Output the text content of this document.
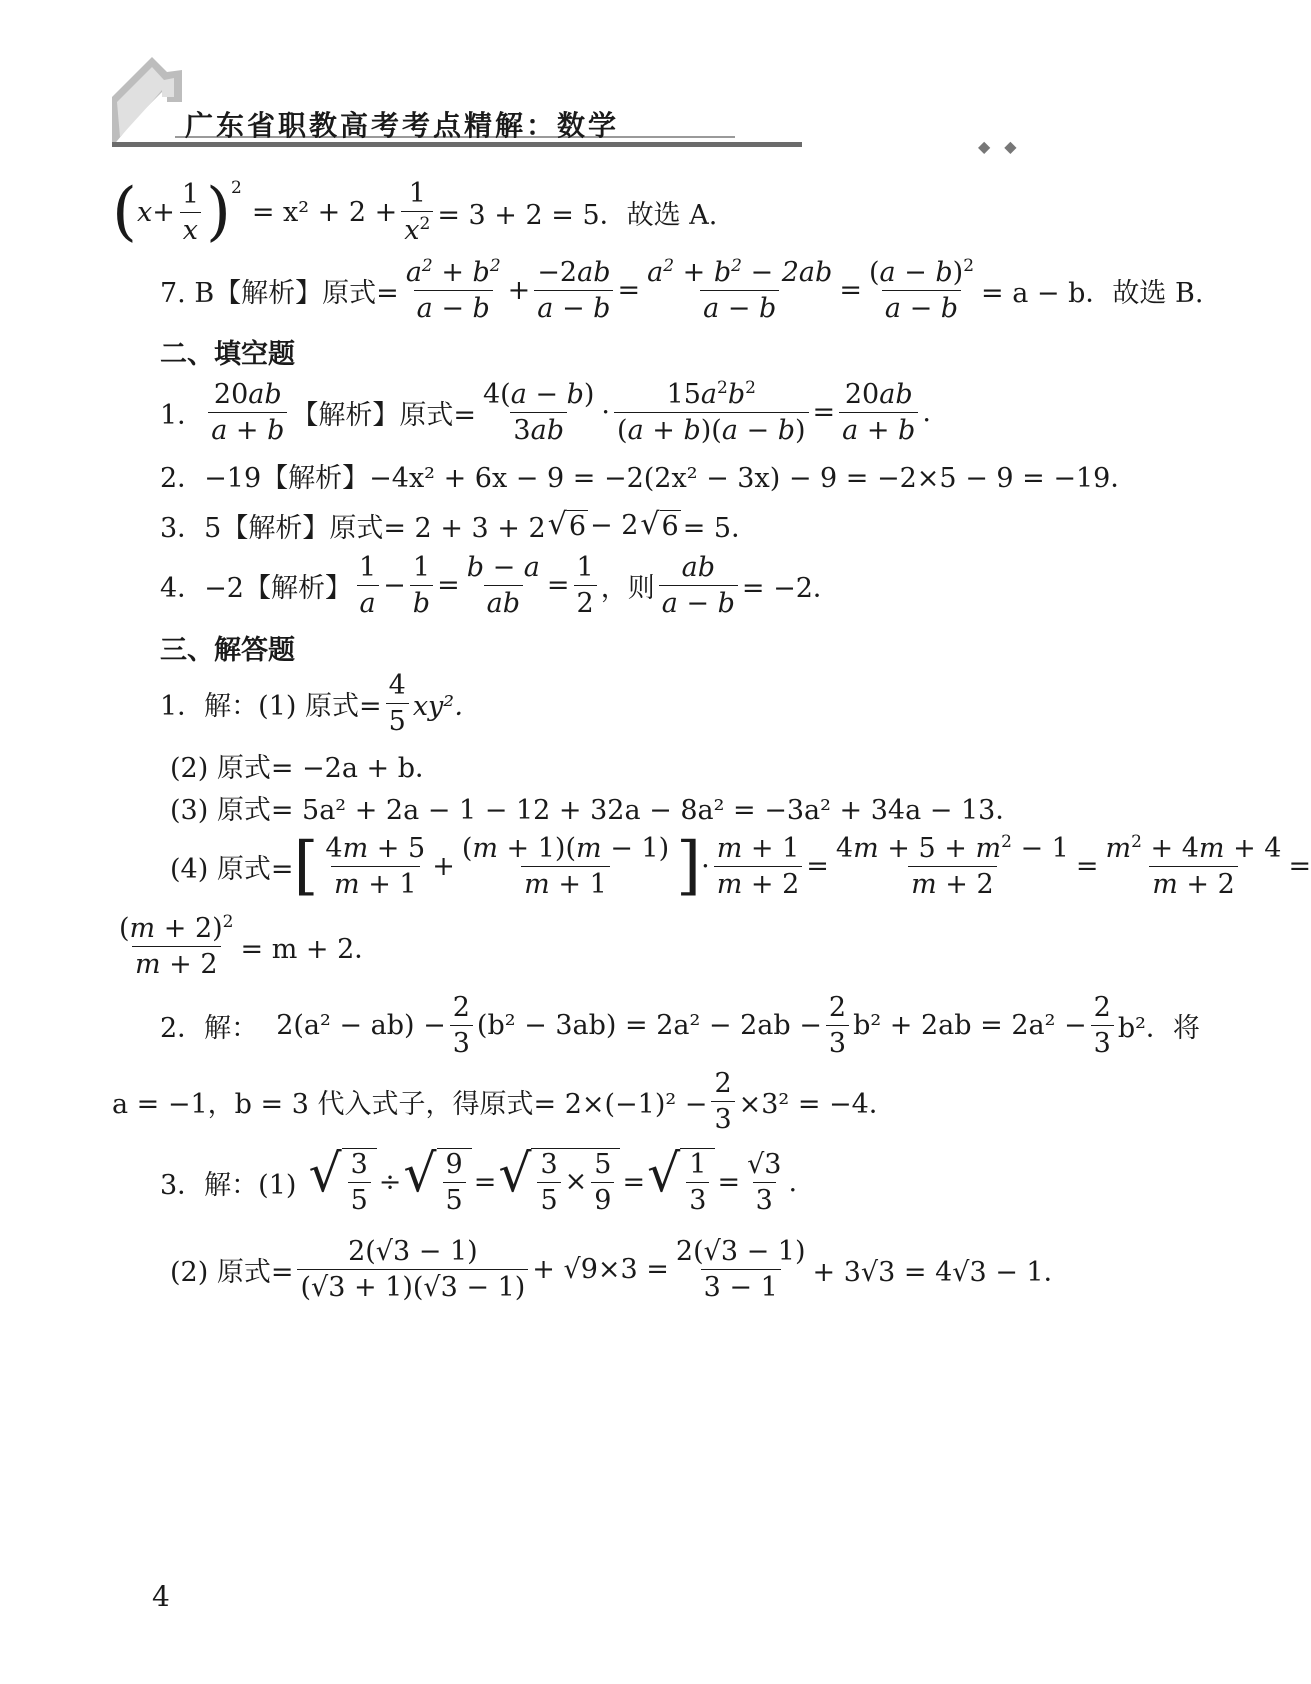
广东省职教高考考点精解：数学
◆◆
( $x + \frac{1}{x} )^2$
= $x^2 + 2 + \frac{1}{x^2} = 3 + 2 = 5$．故选 A.
7. B【解析】原式= $\frac{a^2 + b^2}{a - b} + \frac{-2ab}{a - b} = \frac{a^2 + b^2 - 2ab}{a - b} = \frac{(a - b)^2}{a - b} = a - b$．故选 B.
二、填空题
1．
20ab
a + b 【解析】原式= $\frac{4(a - b)}{3ab} \cdot \frac{15a^2b^2}{(a + b)(a - b)} = \frac{20ab}{a + b}$ .
2．−19【解析】−4x² + 6x − 9 = −2(2x² − 3x) − 9 = −2×5 − 9 = −19．
3．5【解析】原式= 2 + 3 + 2 √ 6 − 2 √ 6 = 5．
4．−2【解析】
1
a
− $\frac{1}{b} = \frac{b - a}{ab} = \frac{1}{2}$ ，则 $\frac{ab}{a - b} = -2$．
三、解答题
1．解：(1) 原式= $\frac{4}{5} xy^2$．
(2) 原式= −2a + b．
(3) 原式= 5a² + 2a − 1 − 12 + 32a − 8a² = −3a² + 34a − 13．
(4) 原式= [ 4m + 5
m + 1
+ $\frac{(m + 1)(m - 1)}{m + 1}$ ] · $\frac{m + 1}{m + 2} = \frac{4m + 5 + m^2 - 1}{m + 2} = \frac{m^2 + 4m + 4}{m + 2}$ =
$\frac{(m + 2)^2}{m + 2} = m + 2$．
2．解： $2(a^2 - ab) - \frac{2}{3} (b^2 - 3ab) = 2a^2 - 2ab - \frac{2}{3} b^2 + 2ab = 2a^2 - \frac{2}{3} b^2$．将
a = −1，b = 3 代入式子，得原式= $2\times(-1)^2 - \frac{2}{3} \times 3^2 = -4$．
3．解：(1) √ $\frac{3}{5}$ ÷ √ $\frac{9}{5}$ = √ $\frac{3}{5} \times \frac{5}{9}$ = √ $\frac{1}{3} = \frac{√3}{3}$ .
(2) 原式= $\frac{2(√3 - 1)}{(√3 + 1)(√3 - 1)} + √9\times 3 = \frac{2(√3 - 1)}{3 - 1} + 3√3 = 4√3 - 1$．
4
